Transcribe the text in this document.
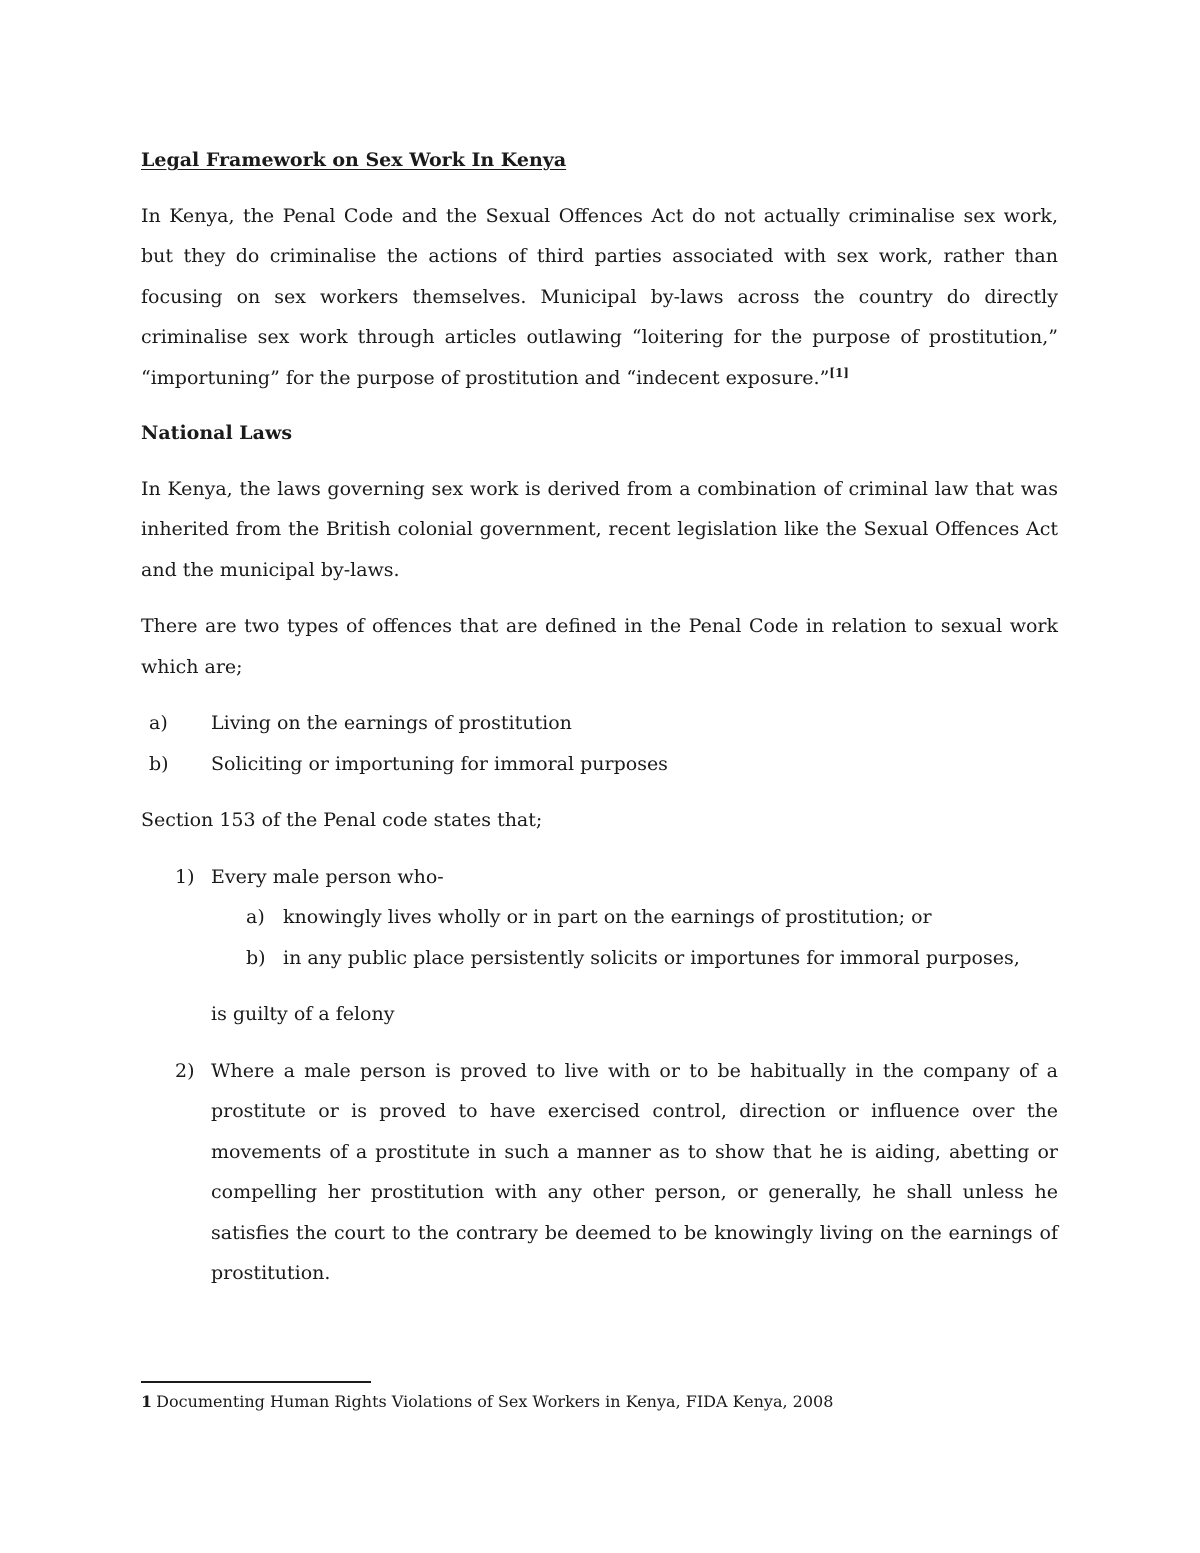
Legal Framework on Sex Work In Kenya

In Kenya, the Penal Code and the Sexual Offences Act do not actually criminalise sex work, but they do criminalise the actions of third parties associated with sex work, rather than focusing on sex workers themselves. Municipal by-laws across the country do directly criminalise sex work through articles outlawing “loitering for the purpose of prostitution,” “importuning” for the purpose of prostitution and “indecent exposure.”[1]

National Laws

In Kenya, the laws governing sex work is derived from a combination of criminal law that was inherited from the British colonial government, recent legislation like the Sexual Offences Act and the municipal by-laws.

There are two types of offences that are defined in the Penal Code in relation to sexual work which are;

a) Living on the earnings of prostitution
b) Soliciting or importuning for immoral purposes

Section 153 of the Penal code states that;

1) Every male person who-
a) knowingly lives wholly or in part on the earnings of prostitution; or
b) in any public place persistently solicits or importunes for immoral purposes,

is guilty of a felony

2) Where a male person is proved to live with or to be habitually in the company of a prostitute or is proved to have exercised control, direction or influence over the movements of a prostitute in such a manner as to show that he is aiding, abetting or compelling her prostitution with any other person, or generally, he shall unless he satisfies the court to the contrary be deemed to be knowingly living on the earnings of prostitution.
1 Documenting Human Rights Violations of Sex Workers in Kenya, FIDA Kenya, 2008
